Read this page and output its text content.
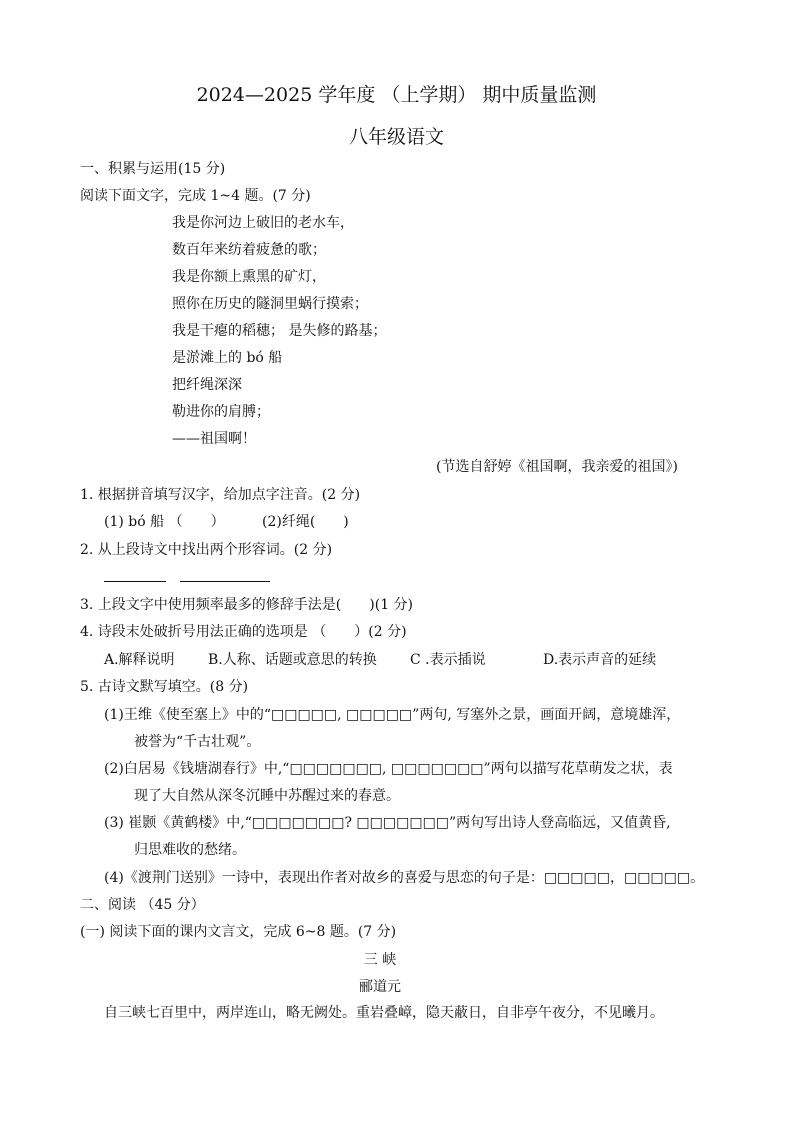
2024—2025 学年度 （上学期） 期中质量监测
八年级语文
一、积累与运用(15 分)
阅读下面文字，完成 1~4 题。(7 分)
我是你河边上破旧的老水车，
数百年来纺着疲惫的歌；
我是你额上熏黑的矿灯，
照你在历史的隧洞里蜗行摸索；
我是干瘪的稻穗； 是失修的路基；
是淤滩上的 bó 船
把纤绳深深
勒进你的肩膊；
——祖国啊！
(节选自舒婷《祖国啊，我亲爱的祖国》)
1. 根据拼音填写汉字，给加点字注音。(2 分)
(1) bó 船 （　　）	(2)纤绳(　　)
2. 从上段诗文中找出两个形容词。(2 分)
3. 上段文字中使用频率最多的修辞手法是(　　)(1 分)
4. 诗段末处破折号用法正确的选项是 （　　）(2 分)
A.解释说明 B.人称、话题或意思的转换 C .表示插说	D.表示声音的延续
5. 古诗文默写填空。(8 分)
(1)王维《使至塞上》中的“□□□□□, □□□□□”两句, 写塞外之景，画面开阔，意境雄浑，
被誉为“千古壮观”。
(2)白居易《钱塘湖春行》中,“□□□□□□□, □□□□□□□”两句以描写花草萌发之状，表
现了大自然从深冬沉睡中苏醒过来的春意。
(3) 崔颢《黄鹤楼》中,“□□□□□□□? □□□□□□□”两句写出诗人登高临远，又值黄昏,
归思难收的愁绪。
(4)《渡荆门送别》一诗中，表现出作者对故乡的喜爱与思恋的句子是：□□□□□，□□□□□。
二、阅读 （45 分）
(一) 阅读下面的课内文言文，完成 6~8 题。(7 分)
三 峡
郦道元
自三峡七百里中，两岸连山，略无阙处。重岩叠嶂，隐天蔽日，自非亭午夜分，不见曦月。
